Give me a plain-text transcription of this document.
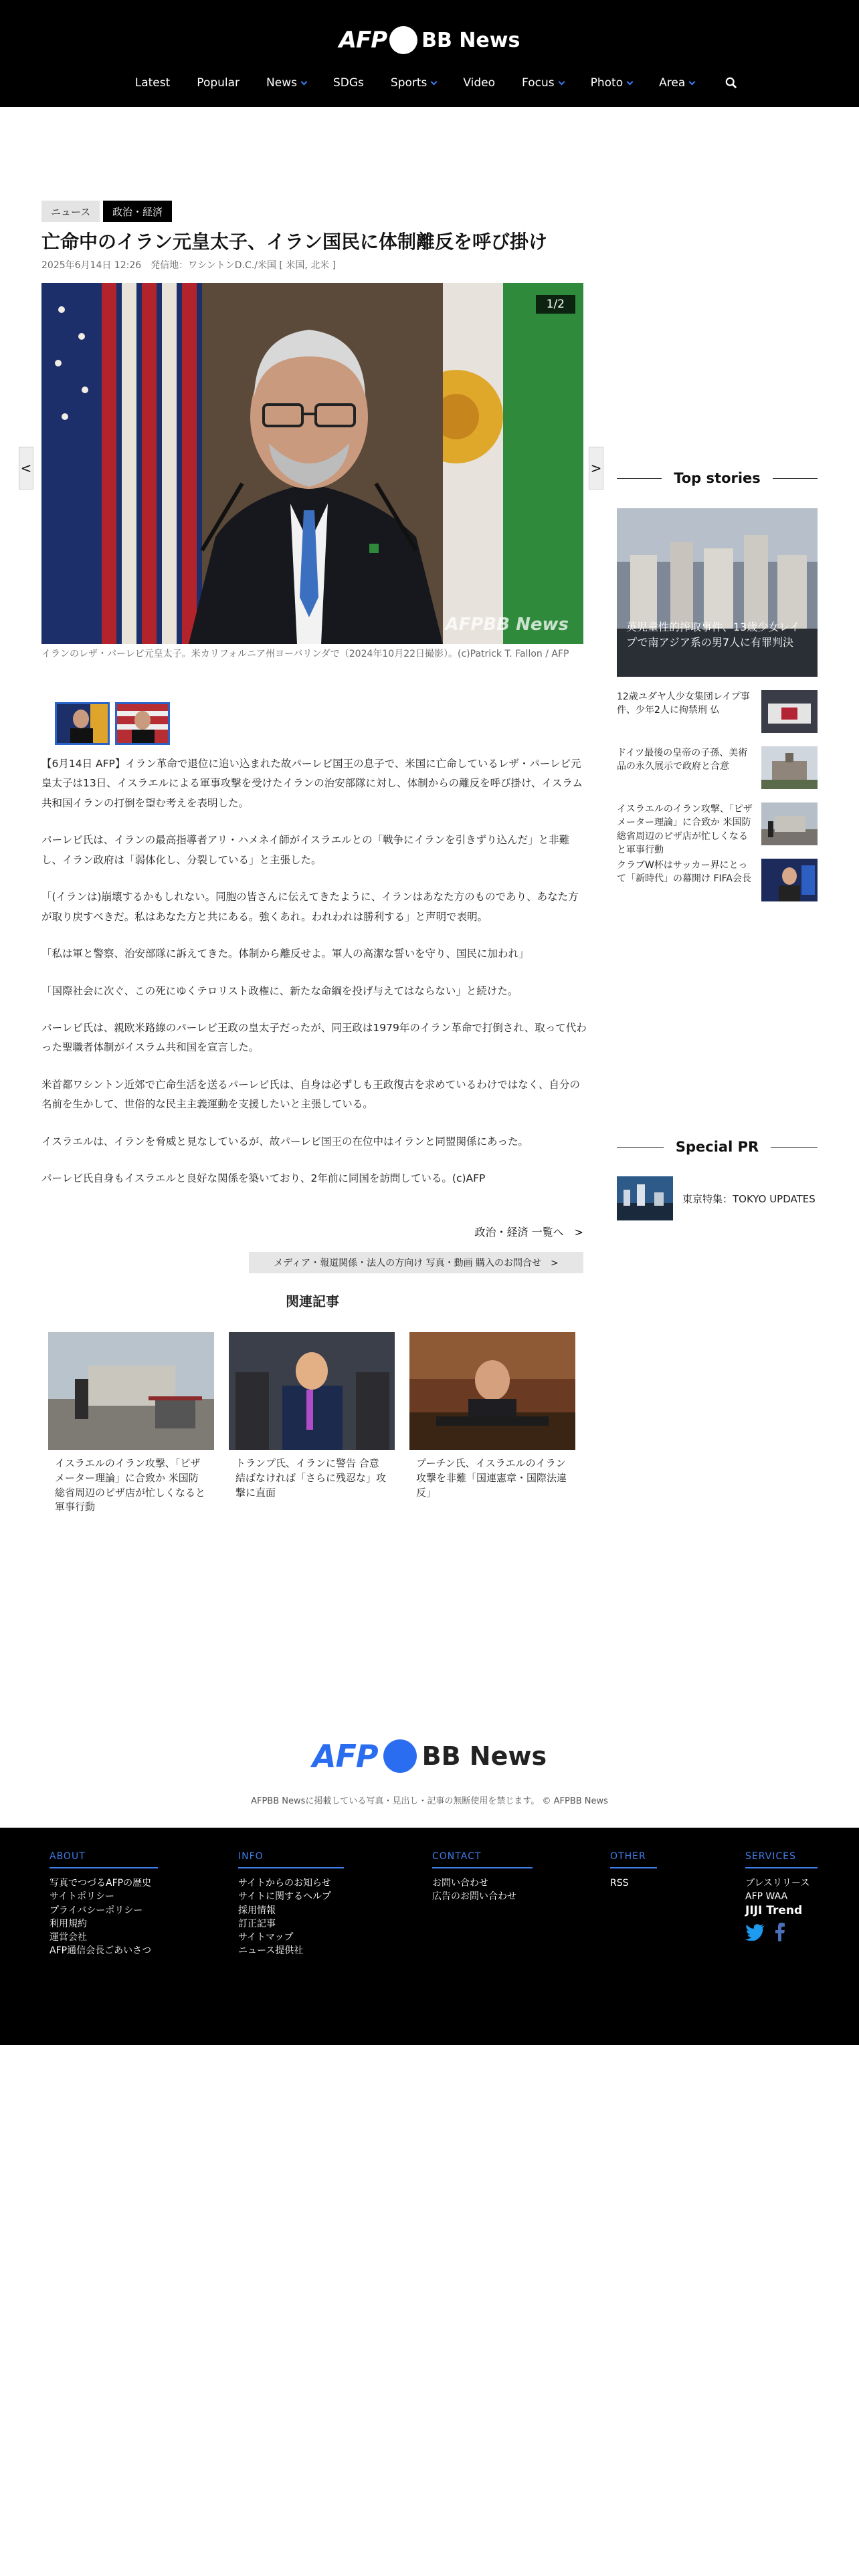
AFP BB News
Latest Popular News	SDGs Sports	Video Focus	Photo	Area
ニュース	政治・経済
亡命中のイラン元皇太子、イラン国民に体制離反を呼び掛け
2025年6月14日 12:26　発信地：ワシントンD.C./米国 [ 米国, 北米 ]
1/2
AFPBB News
<	>
イランのレザ・パーレビ元皇太子。米カリフォルニア州ヨーバリンダで（2024年10月22日撮影）。(c)Patrick T. Fallon / AFP

【6月14日 AFP】イラン革命で退位に追い込まれた故パーレビ国王の息子で、米国に亡命しているレザ・パーレビ元皇太子は13日、イスラエルによる軍事攻撃を受けたイランの治安部隊に対し、体制からの離反を呼び掛け、イスラム共和国イランの打倒を望む考えを表明した。

パーレビ氏は、イランの最高指導者アリ・ハメネイ師がイスラエルとの「戦争にイランを引きずり込んだ」と非難し、イラン政府は「弱体化し、分裂している」と主張した。

「(イランは)崩壊するかもしれない。同胞の皆さんに伝えてきたように、イランはあなた方のものであり、あなた方が取り戻すべきだ。私はあなた方と共にある。強くあれ。われわれは勝利する」と声明で表明。

「私は軍と警察、治安部隊に訴えてきた。体制から離反せよ。軍人の高潔な誓いを守り、国民に加われ」

「国際社会に次ぐ、この死にゆくテロリスト政権に、新たな命綱を投げ与えてはならない」と続けた。

パーレビ氏は、親欧米路線のパーレビ王政の皇太子だったが、同王政は1979年のイラン革命で打倒され、取って代わった聖職者体制がイスラム共和国を宣言した。

米首都ワシントン近郊で亡命生活を送るパーレビ氏は、自身は必ずしも王政復古を求めているわけではなく、自分の名前を生かして、世俗的な民主主義運動を支援したいと主張している。

イスラエルは、イランを脅威と見なしているが、故パーレビ国王の在位中はイランと同盟関係にあった。

パーレビ氏自身もイスラエルと良好な関係を築いており、2年前に同国を訪問している。(c)AFP

政治・経済 一覧へ　>
メディア・報道関係・法人の方向け 写真・動画 購入のお問合せ　>
関連記事
イスラエルのイラン攻撃、「ピザメーター理論」に合致か 米国防総省周辺のピザ店が忙しくなると軍事行動
トランプ氏、イランに警告 合意結ばなければ「さらに残忍な」攻撃に直面
プーチン氏、イスラエルのイラン攻撃を非難「国連憲章・国際法違反」
Top stories
英児童性的搾取事件、13歳少女レイプで南アジア系の男7人に有罪判決
12歳ユダヤ人少女集団レイプ事件、少年2人に拘禁刑 仏
ドイツ最後の皇帝の子孫、美術品の永久展示で政府と合意
イスラエルのイラン攻撃、「ピザメーター理論」に合致か 米国防総省周辺のピザ店が忙しくなると軍事行動
クラブW杯はサッカー界にとって「新時代」の幕開け FIFA会長
Special PR
東京特集：TOKYO UPDATES
AFP BB News
AFPBB Newsに掲載している写真・見出し・記事の無断使用を禁じます。 © AFPBB News
ABOUT
写真でつづるAFPの歴史
サイトポリシー
プライバシーポリシー
利用規約
運営会社
AFP通信会長ごあいさつ
INFO
サイトからのお知らせ
サイトに関するヘルプ
採用情報
訂正記事
サイトマップ
ニュース提供社
CONTACT
お問い合わせ
広告のお問い合わせ
OTHER
RSS
SERVICES
プレスリリース
AFP WAA
JIJI Trend
